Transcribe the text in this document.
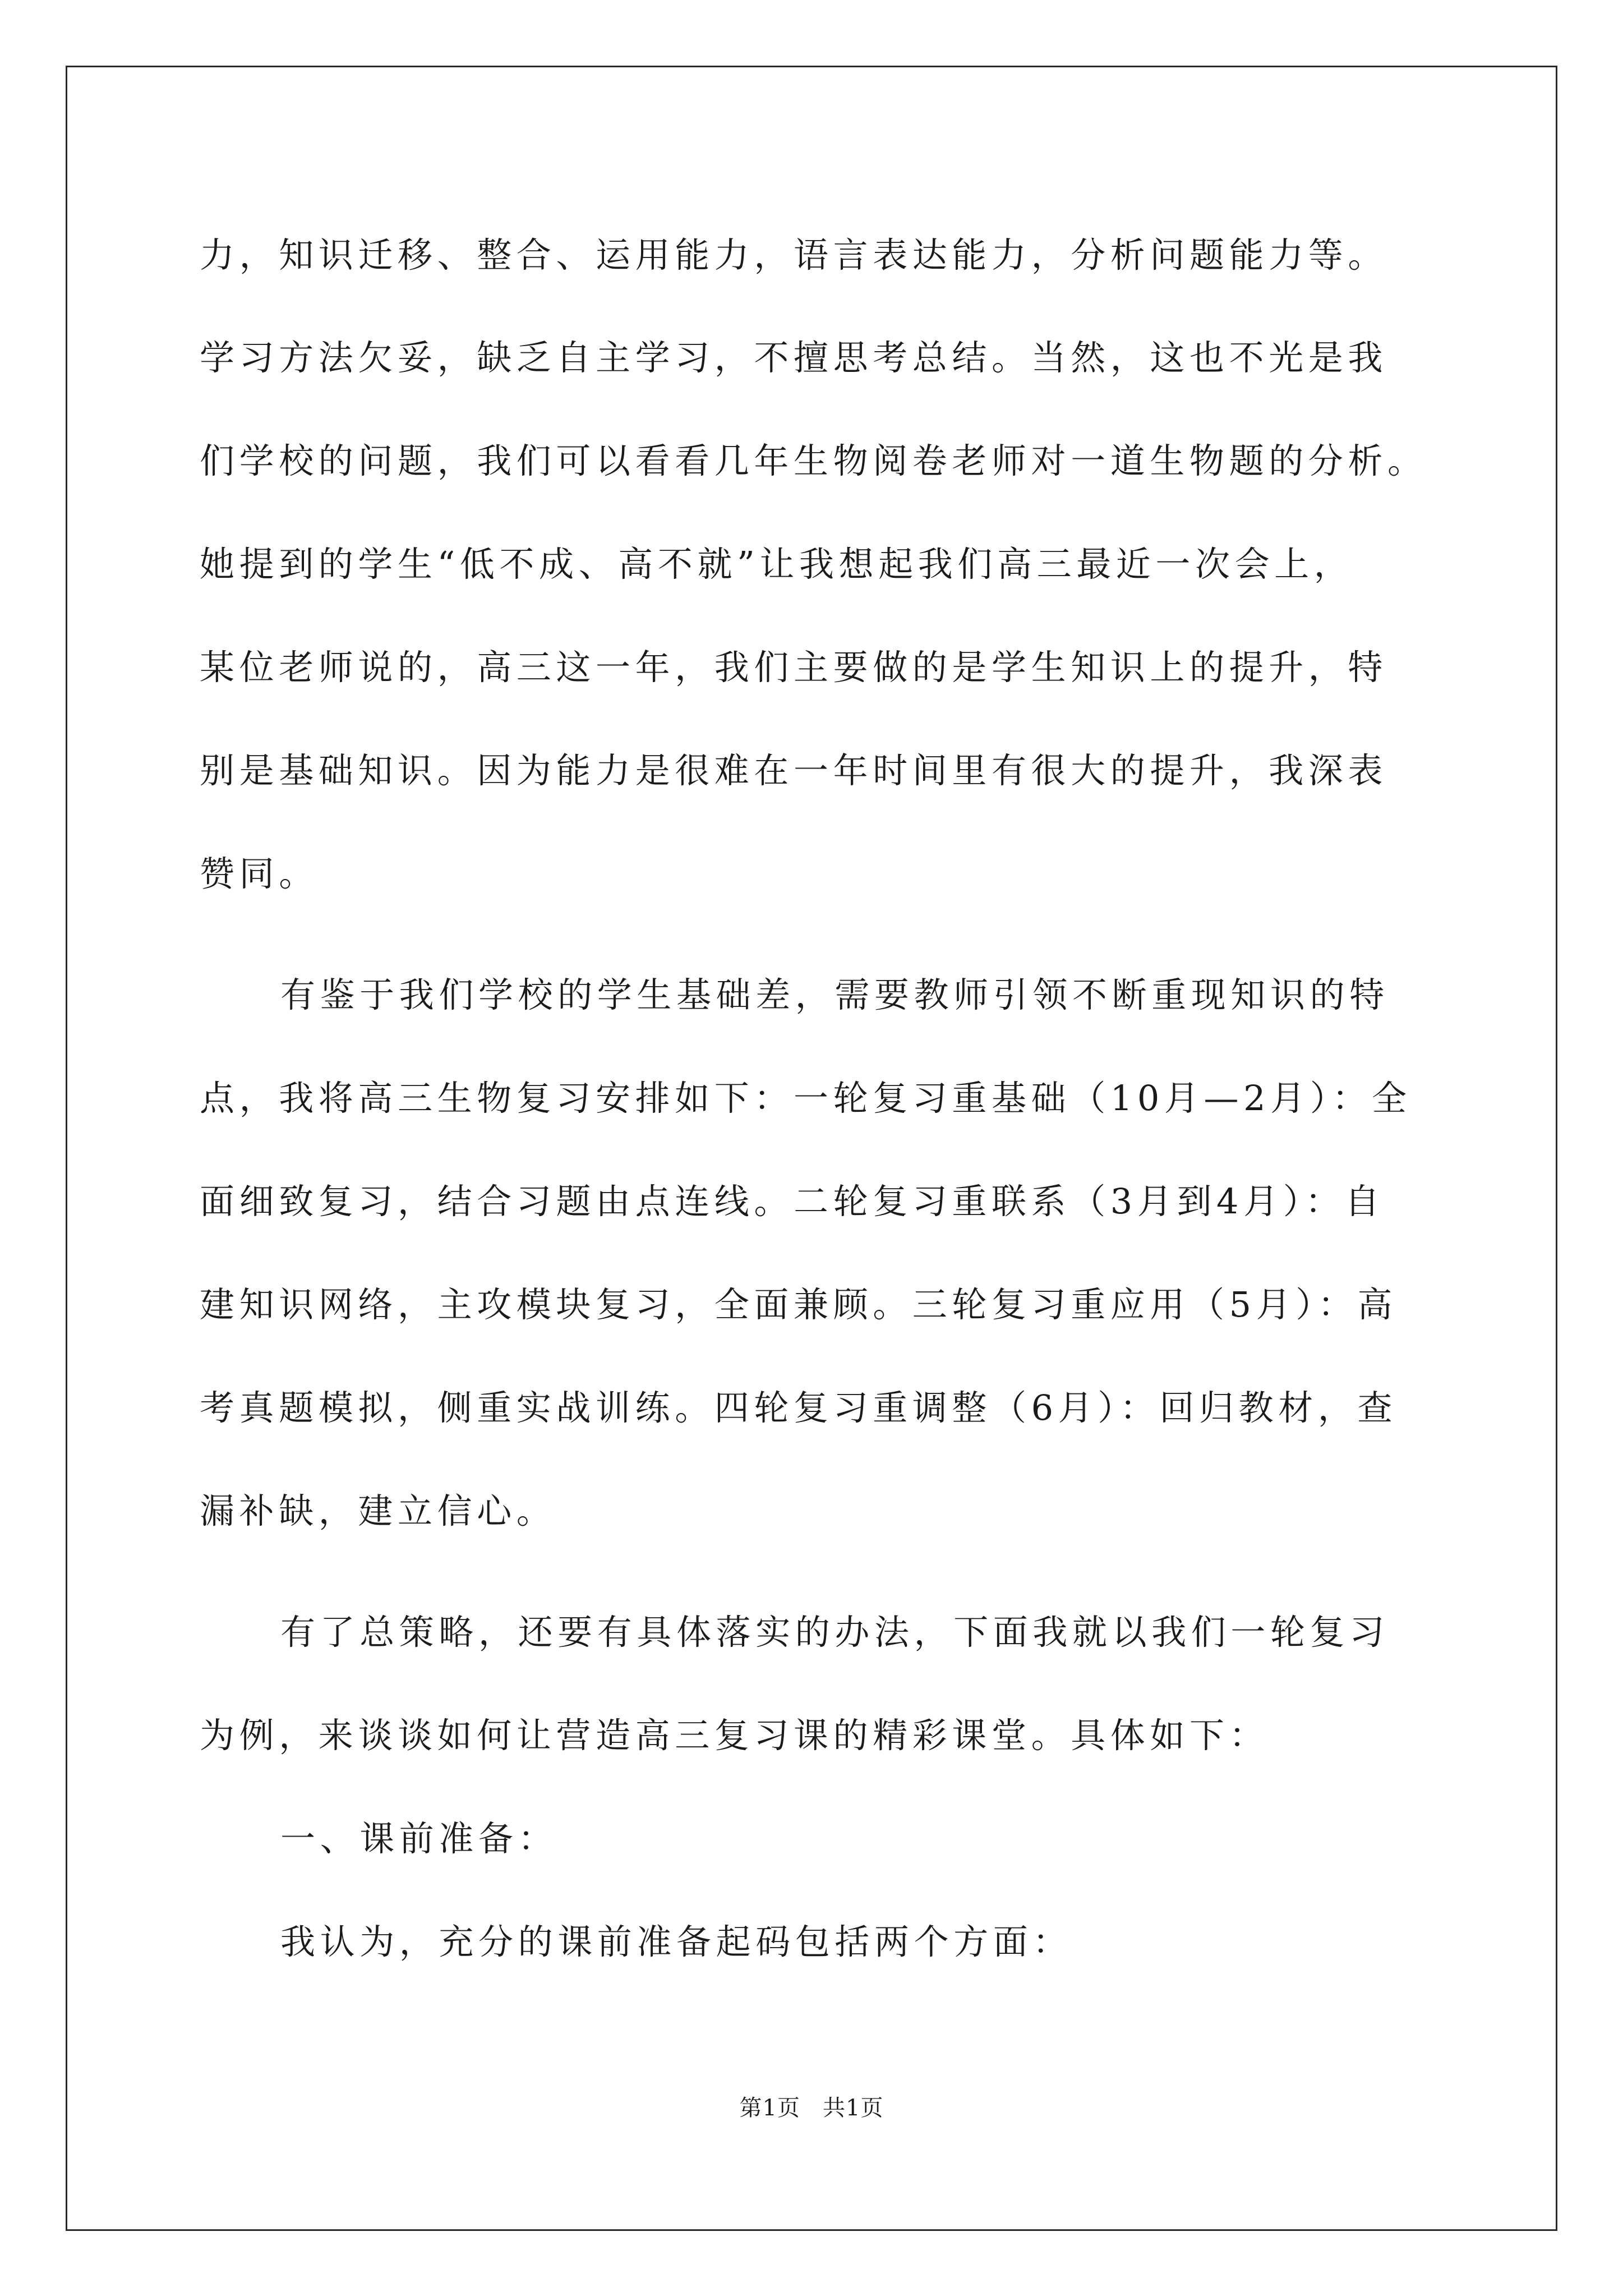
力，知识迁移、整合、运用能力，语言表达能力，分析问题能力等。
学习方法欠妥，缺乏自主学习，不擅思考总结。当然，这也不光是我
们学校的问题，我们可以看看几年生物阅卷老师对一道生物题的分析。
她提到的学生“低不成、高不就”让我想起我们高三最近一次会上，
某位老师说的，高三这一年，我们主要做的是学生知识上的提升，特
别是基础知识。因为能力是很难在一年时间里有很大的提升，我深表
赞同。
有鉴于我们学校的学生基础差，需要教师引领不断重现知识的特
点，我将高三生物复习安排如下：一轮复习重基础（10月—2月）：全
面细致复习，结合习题由点连线。二轮复习重联系（3月到4月）：自
建知识网络，主攻模块复习，全面兼顾。三轮复习重应用（5月）：高
考真题模拟，侧重实战训练。四轮复习重调整（6月）：回归教材，查
漏补缺，建立信心。
有了总策略，还要有具体落实的办法，下面我就以我们一轮复习
为例，来谈谈如何让营造高三复习课的精彩课堂。具体如下：
一、课前准备：
我认为，充分的课前准备起码包括两个方面：
第1页 共1页
